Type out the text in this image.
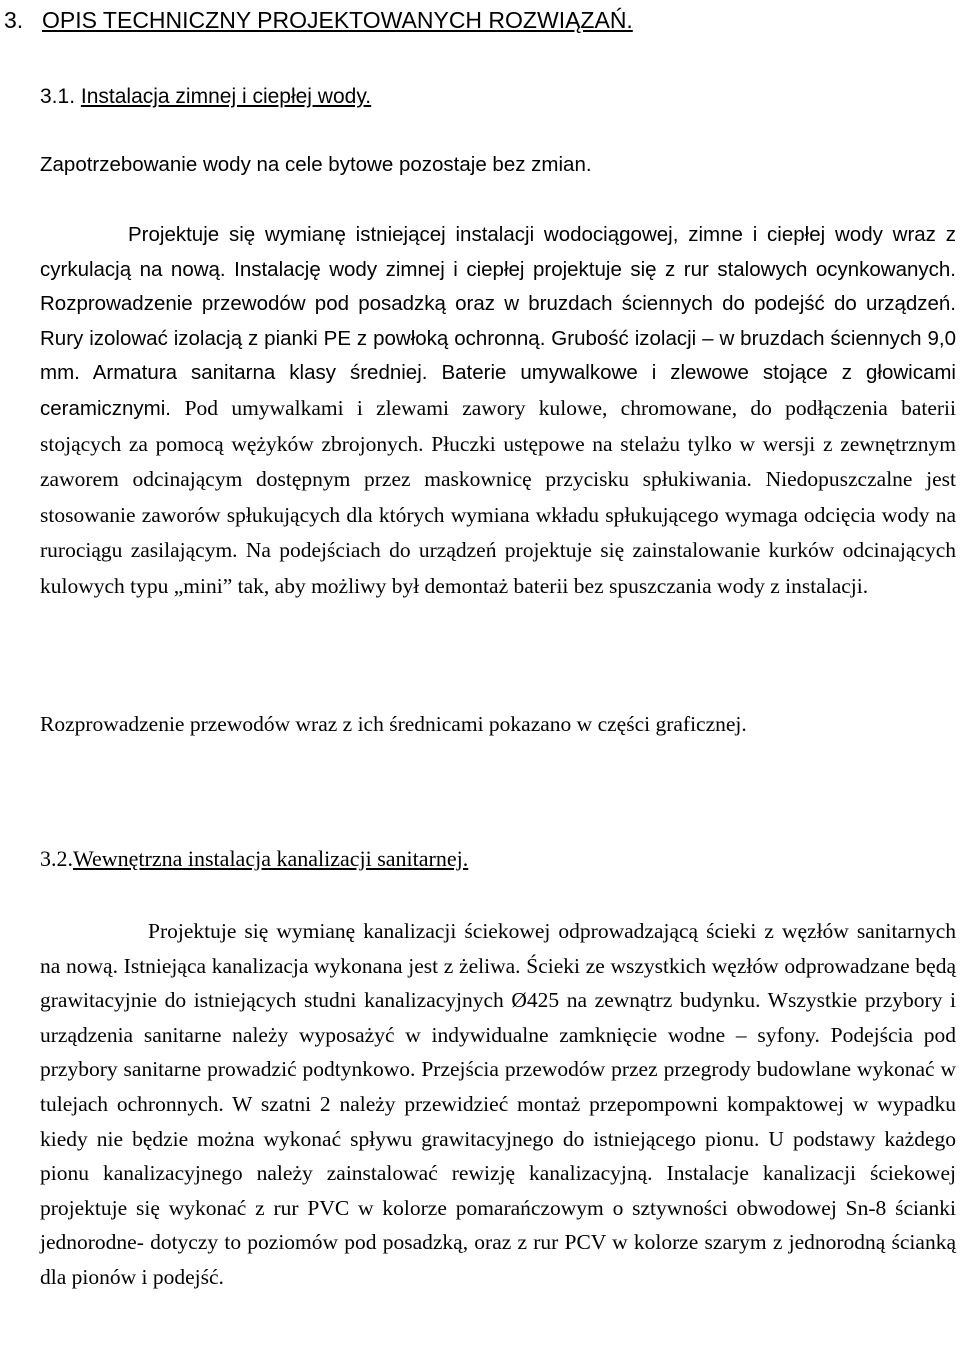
3. OPIS TECHNICZNY PROJEKTOWANYCH ROZWIĄZAŃ.
3.1. Instalacja zimnej i ciepłej wody.

Zapotrzebowanie wody na cele bytowe pozostaje bez zmian.

Projektuje się wymianę istniejącej instalacji wodociągowej, zimne i ciepłej wody wraz z cyrkulacją na nową. Instalację wody zimnej i ciepłej projektuje się z rur stalowych ocynkowanych. Rozprowadzenie przewodów pod posadzką oraz w bruzdach ściennych do podejść do urządzeń. Rury izolować izolacją z pianki PE z powłoką ochronną. Grubość izolacji – w bruzdach ściennych 9,0 mm. Armatura sanitarna klasy średniej. Baterie umywalkowe i zlewowe stojące z głowicami ceramicznymi. Pod umywalkami i zlewami zawory kulowe, chromowane, do podłączenia baterii stojących za pomocą wężyków zbrojonych. Płuczki ustępowe na stelażu tylko w wersji z zewnętrznym zaworem odcinającym dostępnym przez maskownicę przycisku spłukiwania. Niedopuszczalne jest stosowanie zaworów spłukujących dla których wymiana wkładu spłukującego wymaga odcięcia wody na rurociągu zasilającym. Na podejściach do urządzeń projektuje się zainstalowanie kurków odcinających kulowych typu „mini” tak, aby możliwy był demontaż baterii bez spuszczania wody z instalacji.

Rozprowadzenie przewodów wraz z ich średnicami pokazano w części graficznej.

3.2.Wewnętrzna instalacja kanalizacji sanitarnej.

Projektuje się wymianę kanalizacji ściekowej odprowadzającą ścieki z węzłów sanitarnych na nową. Istniejąca kanalizacja wykonana jest z żeliwa. Ścieki ze wszystkich węzłów odprowadzane będą grawitacyjnie do istniejących studni kanalizacyjnych Ø425 na zewnątrz budynku. Wszystkie przybory i urządzenia sanitarne należy wyposażyć w indywidualne zamknięcie wodne – syfony. Podejścia pod przybory sanitarne prowadzić podtynkowo. Przejścia przewodów przez przegrody budowlane wykonać w tulejach ochronnych. W szatni 2 należy przewidzieć montaż przepompowni kompaktowej w wypadku kiedy nie będzie można wykonać spływu grawitacyjnego do istniejącego pionu. U podstawy każdego pionu kanalizacyjnego należy zainstalować rewizję kanalizacyjną. Instalacje kanalizacji ściekowej projektuje się wykonać z rur PVC w kolorze pomarańczowym o sztywności obwodowej Sn-8 ścianki jednorodne- dotyczy to poziomów pod posadzką, oraz z rur PCV w kolorze szarym z jednorodną ścianką dla pionów i podejść.
